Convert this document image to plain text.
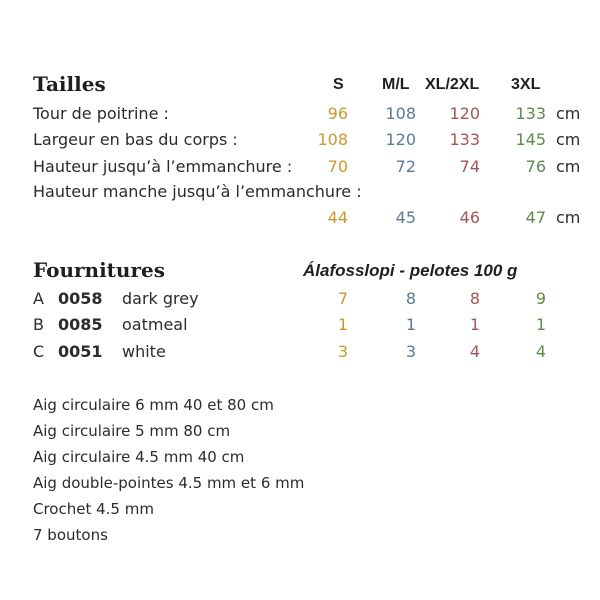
Tailles	S M/L XL/2XL 3XL
Tour de poitrine :	96	108	120	133 cm
Largeur en bas du corps :	108	120	133	145 cm
Hauteur jusqu’à l’emmanchure :	70	72	74	76 cm
Hauteur manche jusqu’à l’emmanchure :
44	45	46	47 cm
Fournitures	Álafosslopi - pelotes 100 g
A 0058 dark grey	7	8	8	9
B 0085 oatmeal	1	1	1	1
C 0051 white	3	3	4	4
Aig circulaire 6 mm 40 et 80 cm
Aig circulaire 5 mm 80 cm
Aig circulaire 4.5 mm 40 cm
Aig double-pointes 4.5 mm et 6 mm
Crochet 4.5 mm
7 boutons
